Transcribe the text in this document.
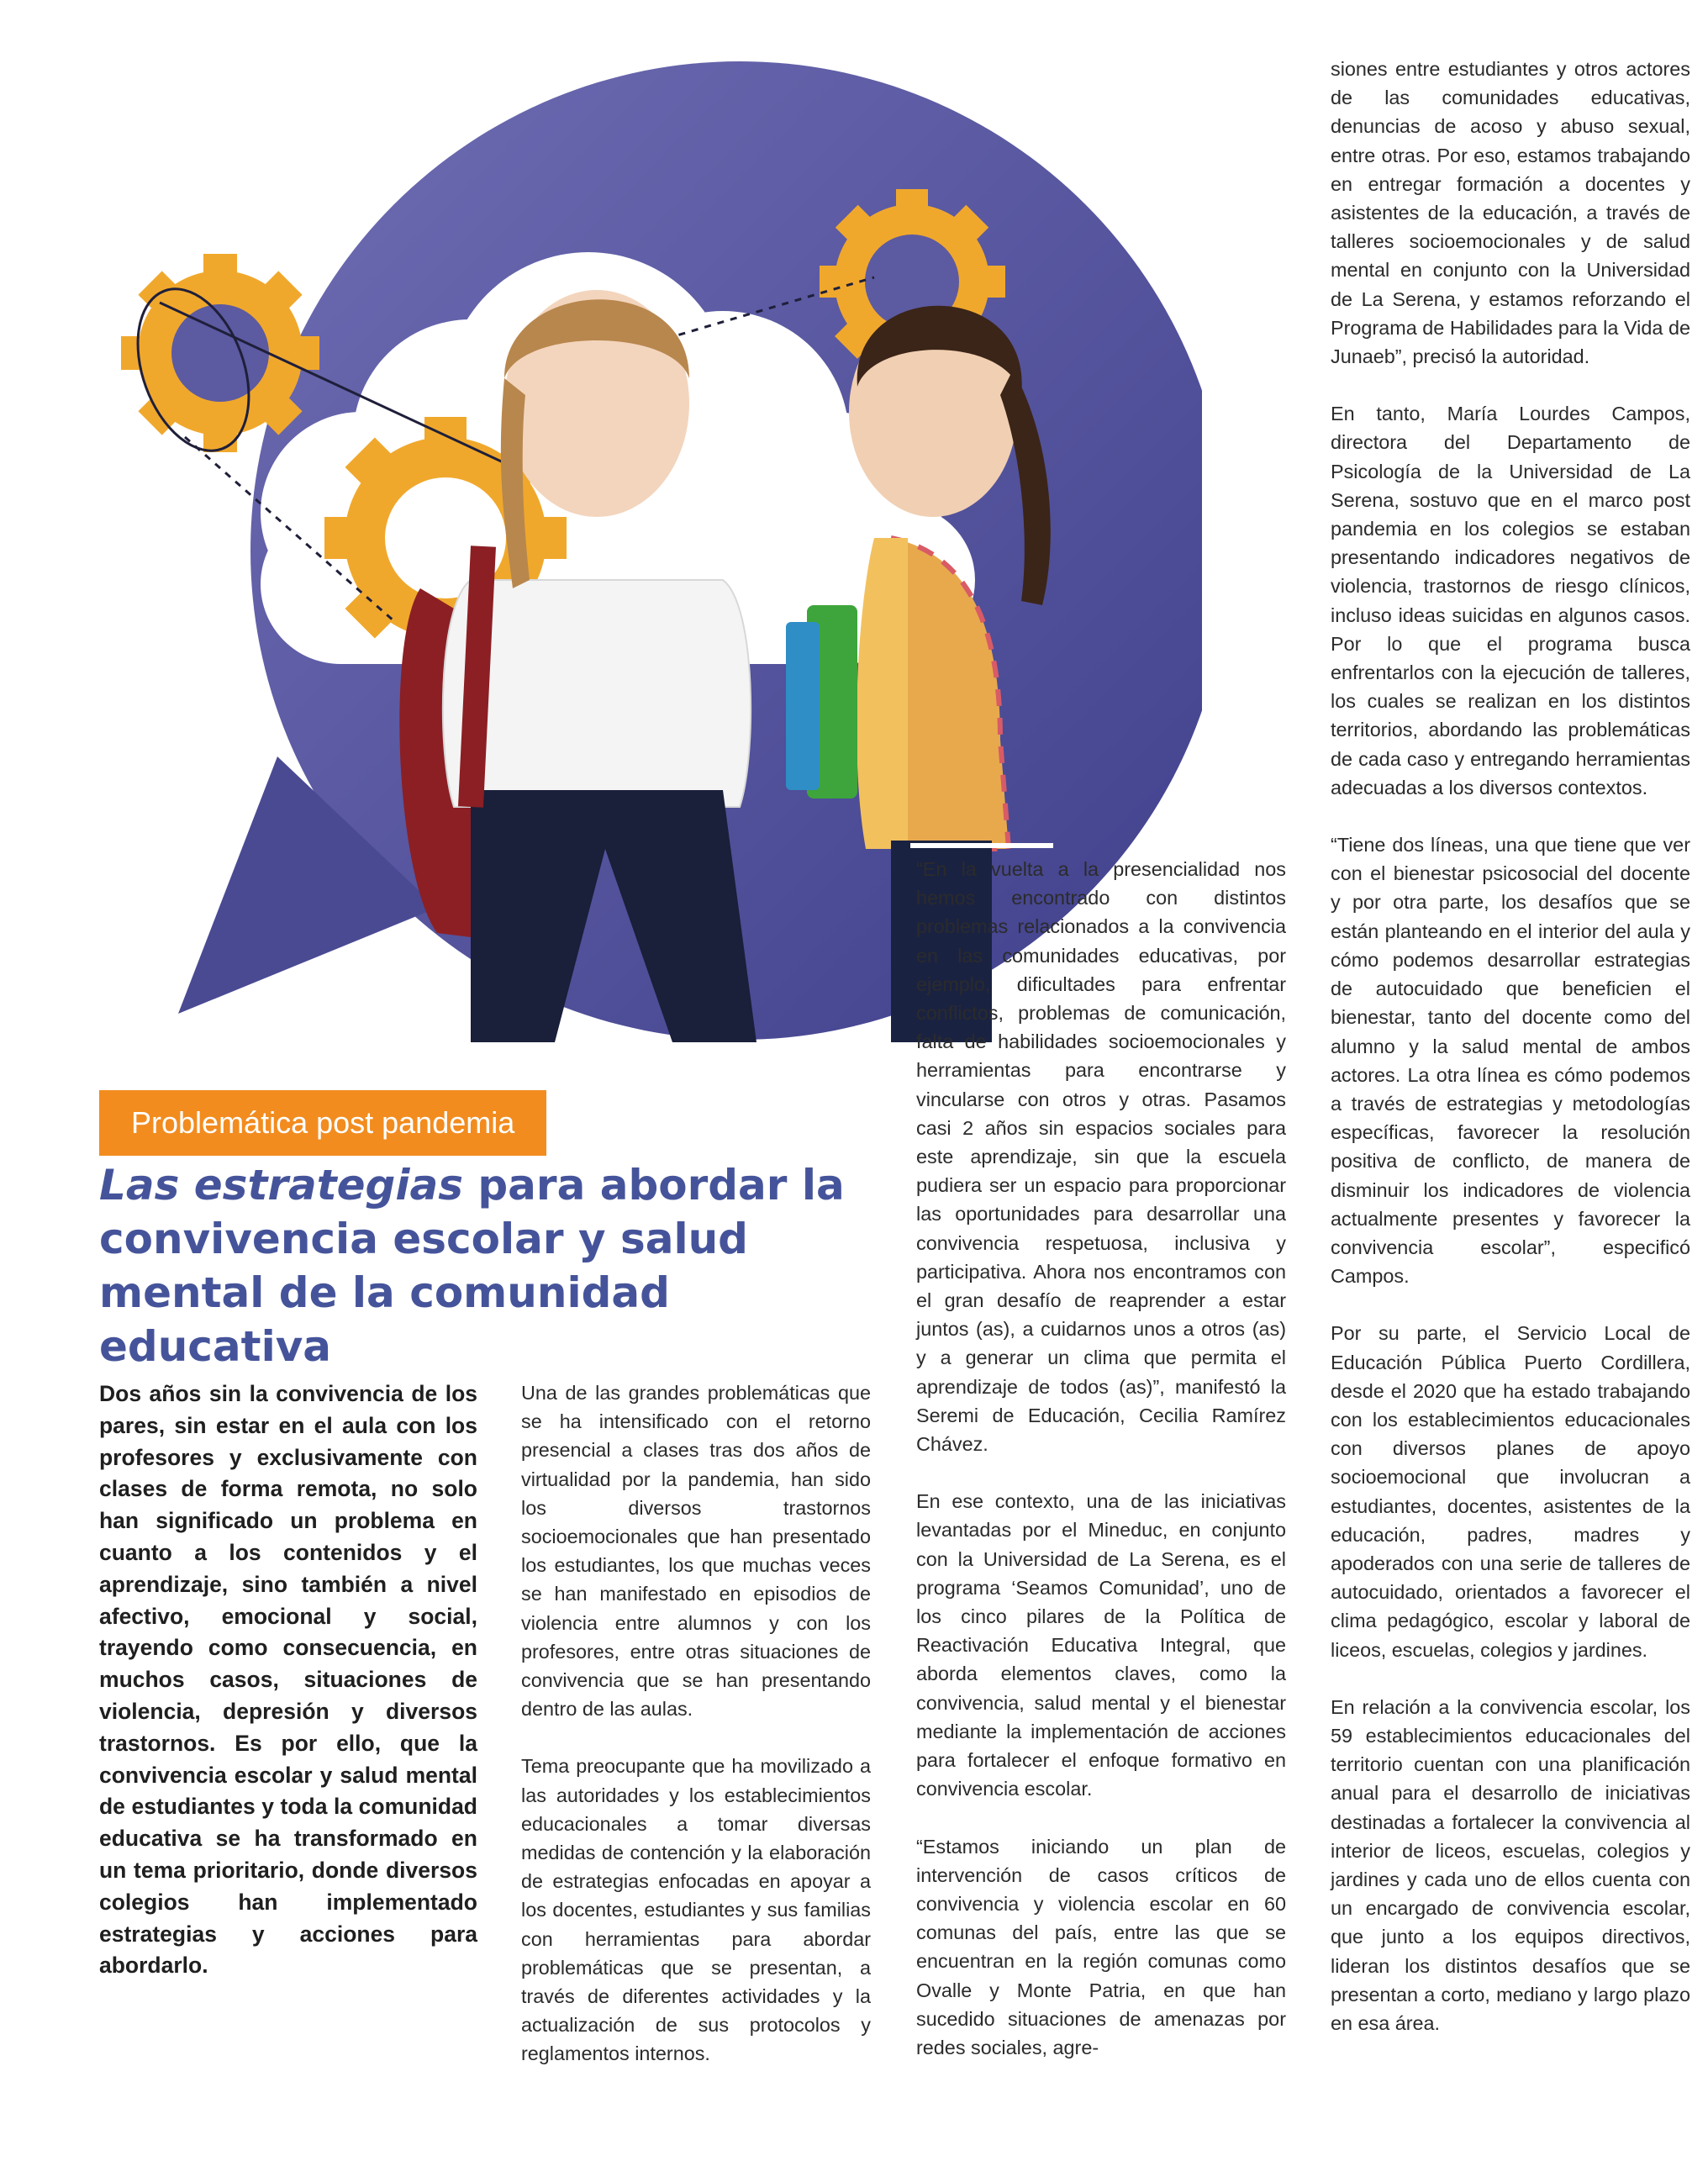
Problemática post pandemia
Las estrategias para abordar la convivencia escolar y salud mental de la comunidad educativa

Dos años sin la convivencia de los pares, sin estar en el aula con los profesores y exclusivamente con clases de forma remota, no solo han significado un problema en cuanto a los contenidos y el aprendizaje, sino también a nivel afectivo, emocional y social, trayendo como consecuencia, en muchos casos, situaciones de violencia, depresión y diversos trastornos. Es por ello, que la convivencia escolar y salud mental de estudiantes y toda la comunidad educativa se ha transformado en un tema prioritario, donde diversos colegios han implementado estrategias y acciones para abordarlo.

Una de las grandes problemáticas que se ha intensificado con el retorno presencial a clases tras dos años de virtualidad por la pandemia, han sido los diversos trastornos socioemocionales que han presentado los estudiantes, los que muchas veces se han manifestado en episodios de violencia entre alumnos y con los profesores, entre otras situaciones de convivencia que se han presentando dentro de las aulas.

Tema preocupante que ha movilizado a las autoridades y los establecimientos educacionales a tomar diversas medidas de contención y la elaboración de estrategias enfocadas en apoyar a los docentes, estudiantes y sus familias con herramientas para abordar problemáticas que se presentan, a través de diferentes actividades y la actualización de sus protocolos y reglamentos internos.

“En la vuelta a la presencialidad nos hemos encontrado con distintos problemas relacionados a la convivencia en las comunidades educativas, por ejemplo, dificultades para enfrentar conflictos, problemas de comunicación, falta de habilidades socioemocionales y herramientas para encontrarse y vincularse con otros y otras. Pasamos casi 2 años sin espacios sociales para este aprendizaje, sin que la escuela pudiera ser un espacio para proporcionar las oportunidades para desarrollar una convivencia respetuosa, inclusiva y participativa. Ahora nos encontramos con el gran desafío de reaprender a estar juntos (as), a cuidarnos unos a otros (as) y a generar un clima que permita el aprendizaje de todos (as)”, manifestó la Seremi de Educación, Cecilia Ramírez Chávez.

En ese contexto, una de las iniciativas levantadas por el Mineduc, en conjunto con la Universidad de La Serena, es el programa ‘Seamos Comunidad’, uno de los cinco pilares de la Política de Reactivación Educativa Integral, que aborda elementos claves, como la convivencia, salud mental y el bienestar mediante la implementación de acciones para fortalecer el enfoque formativo en convivencia escolar.

“Estamos iniciando un plan de intervención de casos críticos de convivencia y violencia escolar en 60 comunas del país, entre las que se encuentran en la región comunas como Ovalle y Monte Patria, en que han sucedido situaciones de amenazas por redes sociales, agre-

siones entre estudiantes y otros actores de las comunidades educativas, denuncias de acoso y abuso sexual, entre otras. Por eso, estamos trabajando en entregar formación a docentes y asistentes de la educación, a través de talleres socioemocionales y de salud mental en conjunto con la Universidad de La Serena, y estamos reforzando el Programa de Habilidades para la Vida de Junaeb”, precisó la autoridad.

En tanto, María Lourdes Campos, directora del Departamento de Psicología de la Universidad de La Serena, sostuvo que en el marco post pandemia en los colegios se estaban presentando indicadores negativos de violencia, trastornos de riesgo clínicos, incluso ideas suicidas en algunos casos. Por lo que el programa busca enfrentarlos con la ejecución de talleres, los cuales se realizan en los distintos territorios, abordando las problemáticas de cada caso y entregando herramientas adecuadas a los diversos contextos.

“Tiene dos líneas, una que tiene que ver con el bienestar psicosocial del docente y por otra parte, los desafíos que se están planteando en el interior del aula y cómo podemos desarrollar estrategias de autocuidado que beneficien el bienestar, tanto del docente como del alumno y la salud mental de ambos actores. La otra línea es cómo podemos a través de estrategias y metodologías específicas, favorecer la resolución positiva de conflicto, de manera de disminuir los indicadores de violencia actualmente presentes y favorecer la convivencia escolar”, especificó Campos.

Por su parte, el Servicio Local de Educación Pública Puerto Cordillera, desde el 2020 que ha estado trabajando con los establecimientos educacionales con diversos planes de apoyo socioemocional que involucran a estudiantes, docentes, asistentes de la educación, padres, madres y apoderados con una serie de talleres de autocuidado, orientados a favorecer el clima pedagógico, escolar y laboral de liceos, escuelas, colegios y jardines.

En relación a la convivencia escolar, los 59 establecimientos educacionales del territorio cuentan con una planificación anual para el desarrollo de iniciativas destinadas a fortalecer la convivencia al interior de liceos, escuelas, colegios y jardines y cada uno de ellos cuenta con un encargado de convivencia escolar, que junto a los equipos directivos, lideran los distintos desafíos que se presentan a corto, mediano y largo plazo en esa área.
